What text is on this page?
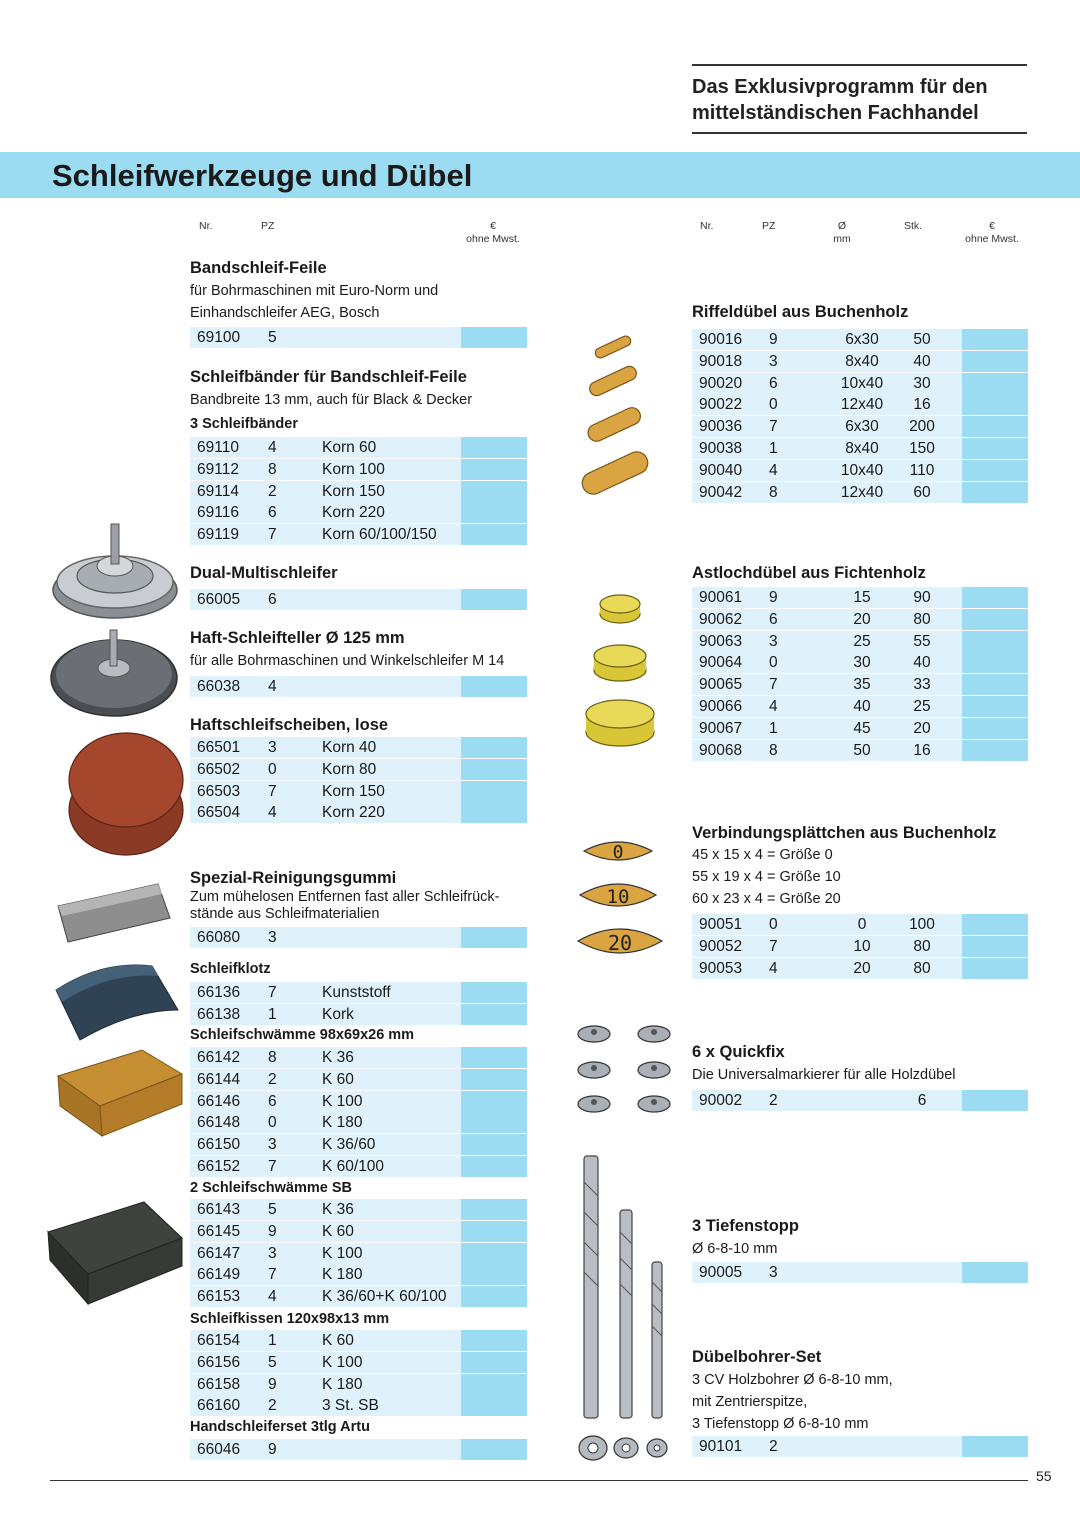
Das Exklusivprogramm für den
mittelständischen Fachhandel
Schleifwerkzeuge und Dübel
Nr.	PZ	€
ohne Mwst.
Nr.	PZ	Ø
mm
Stk.	€
ohne Mwst.
Bandschleif-Feile
für Bohrmaschinen mit Euro-Norm und
Einhandschleifer AEG, Bosch
Schleifbänder für Bandschleif-Feile
Bandbreite 13 mm, auch für Black & Decker
3 Schleifbänder
Dual-Multischleifer
Haft-Schleifteller Ø 125 mm
für alle Bohrmaschinen und Winkelschleifer M 14
Haftschleifscheiben, lose
Spezial-Reinigungsgummi
Zum mühelosen Entfernen fast aller Schleifrück-
stände aus Schleifmaterialien
Schleifklotz
Schleifschwämme 98x69x26 mm
2 Schleifschwämme SB
Schleifkissen 120x98x13 mm
Handschleiferset 3tlg Artu
Riffeldübel aus Buchenholz
Astlochdübel aus Fichtenholz
Verbindungsplättchen aus Buchenholz
45 x 15 x 4 = Größe 0
55 x 19 x 4 = Größe 10
60 x 23 x 4 = Größe 20
6 x Quickfix
Die Universalmarkierer für alle Holzdübel
3 Tiefenstopp
Ø 6-8-10 mm
Dübelbohrer-Set
3 CV Holzbohrer Ø 6-8-10 mm,
mit Zentrierspitze,
3 Tiefenstopp Ø 6-8-10 mm
0
10
20
55
69100 5
69110 4	Korn 60
69112 8	Korn 100
69114 2	Korn 150
69116 6	Korn 220
69119 7	Korn 60/100/150
66005 6
66038 4
66501 3	Korn 40
66502 0	Korn 80
66503 7	Korn 150
66504 4	Korn 220
66080 3
66136 7	Kunststoff
66138 1	Kork
66142 8	K 36
66144 2	K 60
66146 6	K 100
66148 0	K 180
66150 3	K 36/60
66152 7	K 60/100
66143 5	K 36
66145 9	K 60
66147 3	K 100
66149 7	K 180
66153 4	K 36/60+K 60/100
66154 1	K 60
66156 5	K 100
66158 9	K 180
66160 2	3 St. SB
66046 9
90016 9	6x30	50
90018 3	8x40	40
90020 6	10x40	30
90022 0	12x40	16
90036 7	6x30	200
90038 1	8x40	150
90040 4	10x40	110
90042 8	12x40	60
90061 9	15	90
90062 6	20	80
90063 3	25	55
90064 0	30	40
90065 7	35	33
90066 4	40	25
90067 1	45	20
90068 8	50	16
90051 0	0	100
90052 7	10	80
90053 4	20	80
90002 2	6
90005 3
90101 2
